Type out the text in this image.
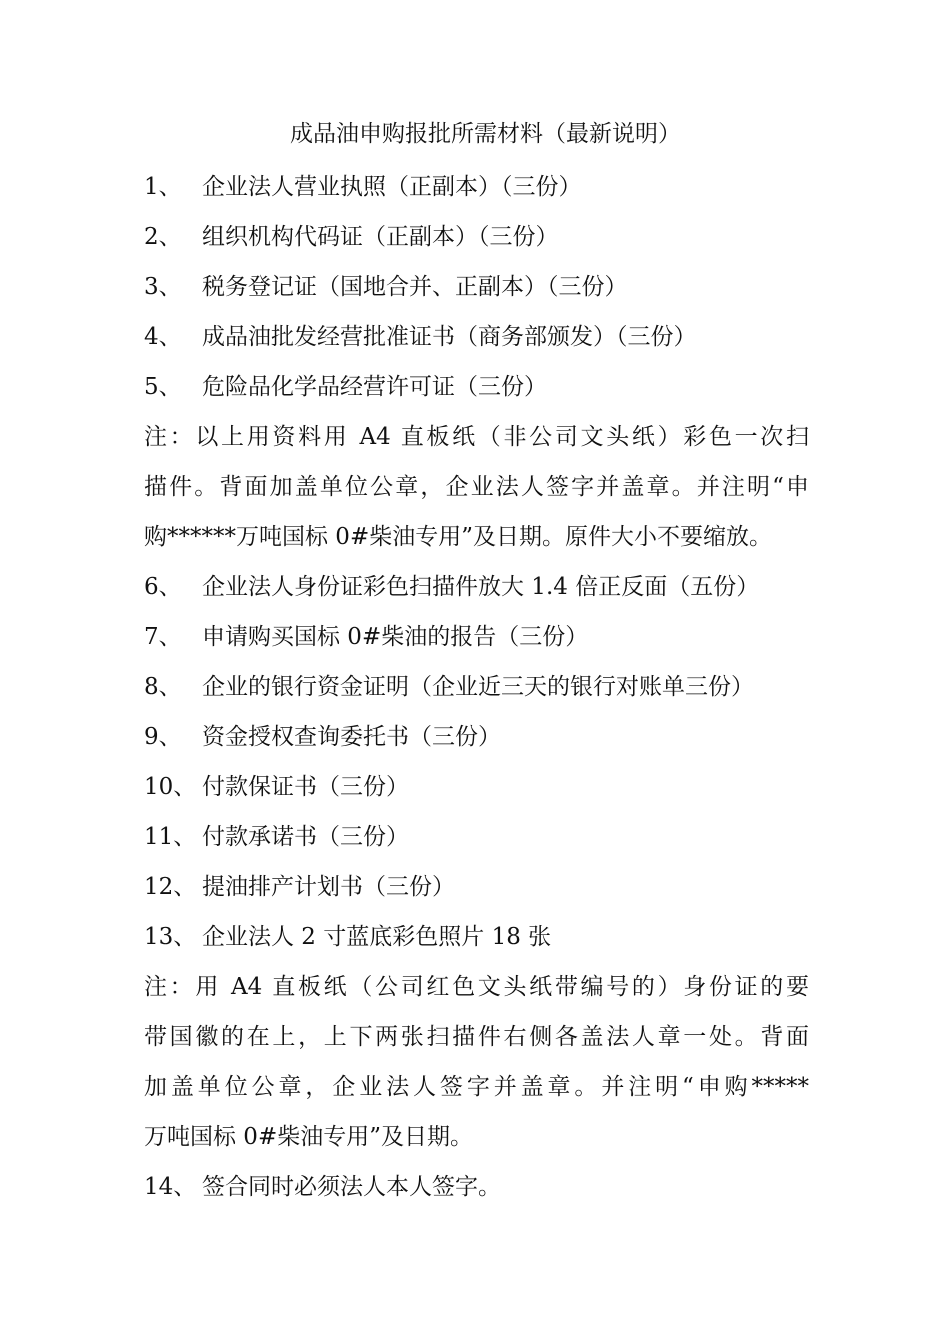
成品油申购报批所需材料（最新说明）
1、 企业法人营业执照（正副本）（三份）
2、 组织机构代码证（正副本）（三份）
3、 税务登记证（国地合并、正副本）（三份）
4、 成品油批发经营批准证书（商务部颁发）（三份）
5、 危险品化学品经营许可证（三份）
注：以上用资料用 A4 直板纸（非公司文头纸）彩色一次扫
描件。背面加盖单位公章，企业法人签字并盖章。并注明“申
购******万吨国标 0#柴油专用”及日期。原件大小不要缩放。
6、 企业法人身份证彩色扫描件放大 1.4 倍正反面（五份）
7、 申请购买国标 0#柴油的报告（三份）
8、 企业的银行资金证明（企业近三天的银行对账单三份）
9、 资金授权查询委托书（三份）
10、 付款保证书（三份）
11、 付款承诺书（三份）
12、 提油排产计划书（三份）
13、 企业法人 2 寸蓝底彩色照片 18 张
注：用 A4 直板纸（公司红色文头纸带编号的）身份证的要
带国徽的在上，上下两张扫描件右侧各盖法人章一处。背面
加盖单位公章，企业法人签字并盖章。并注明“申购*****
万吨国标 0#柴油专用”及日期。
14、 签合同时必须法人本人签字。
